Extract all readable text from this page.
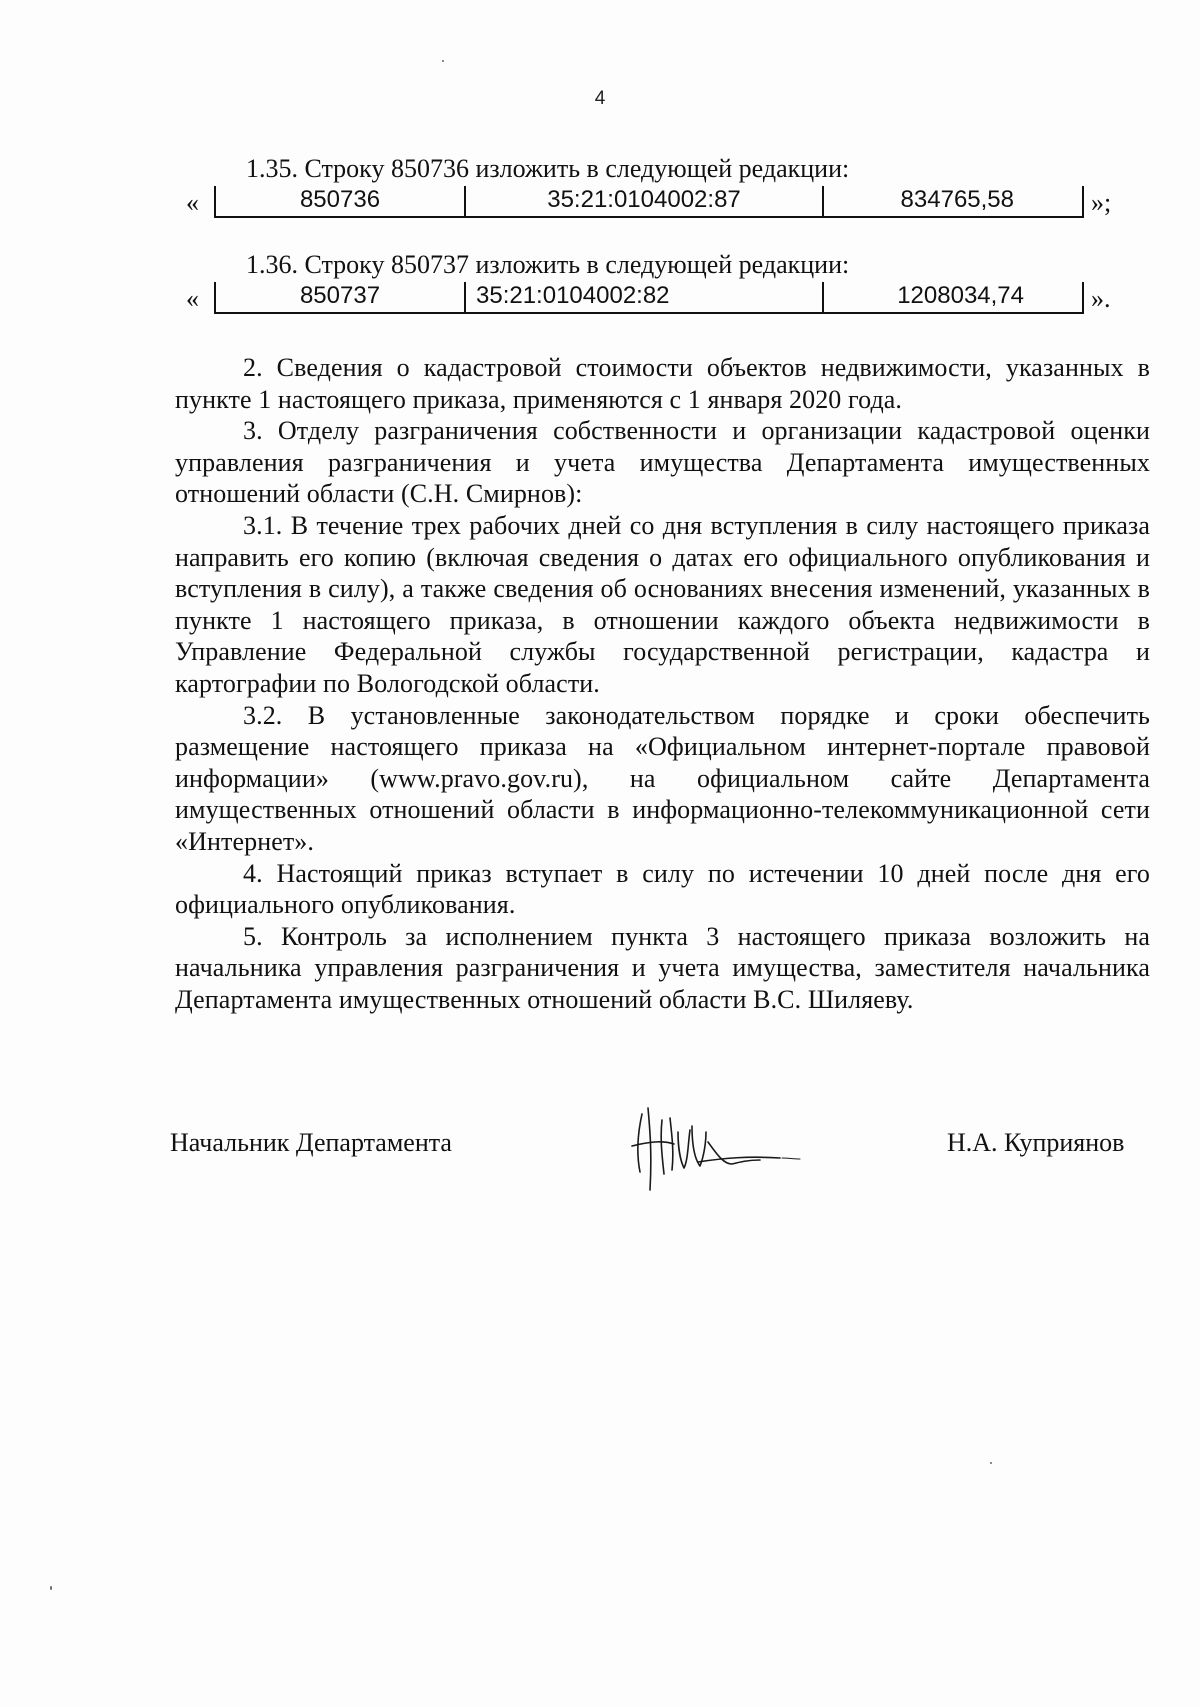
4
1.35. Строку 850736 изложить в следующей редакции:
«	850736	35:21:0104002:87	834765,58	»;
1.36. Строку 850737 изложить в следующей редакции:
«	850737	35:21:0104002:82	1208034,74	».

2. Сведения о кадастровой стоимости объектов недвижимости, указанных в пункте 1 настоящего приказа, применяются с 1 января 2020 года.

3. Отделу разграничения собственности и организации кадастровой оценки управления разграничения и учета имущества Департамента имущественных отношений области (С.Н. Смирнов):

3.1. В течение трех рабочих дней со дня вступления в силу настоящего приказа направить его копию (включая сведения о датах его официального опубликования и вступления в силу), а также сведения об основаниях внесения изменений, указанных в пункте 1 настоящего приказа, в отношении каждого объекта недвижимости в Управление Федеральной службы государственной регистрации, кадастра и картографии по Вологодской области.

3.2. В установленные законодательством порядке и сроки обеспечить размещение настоящего приказа на «Официальном интернет-портале правовой информации» (www.pravo.gov.ru), на официальном сайте Департамента имущественных отношений области в информационно-телекоммуникационной сети «Интернет».

4. Настоящий приказ вступает в силу по истечении 10 дней после дня его официального опубликования.

5. Контроль за исполнением пункта 3 настоящего приказа возложить на начальника управления разграничения и учета имущества, заместителя начальника Департамента имущественных отношений области В.С. Шиляеву.

Начальник Департамента	Н.А. Куприянов
